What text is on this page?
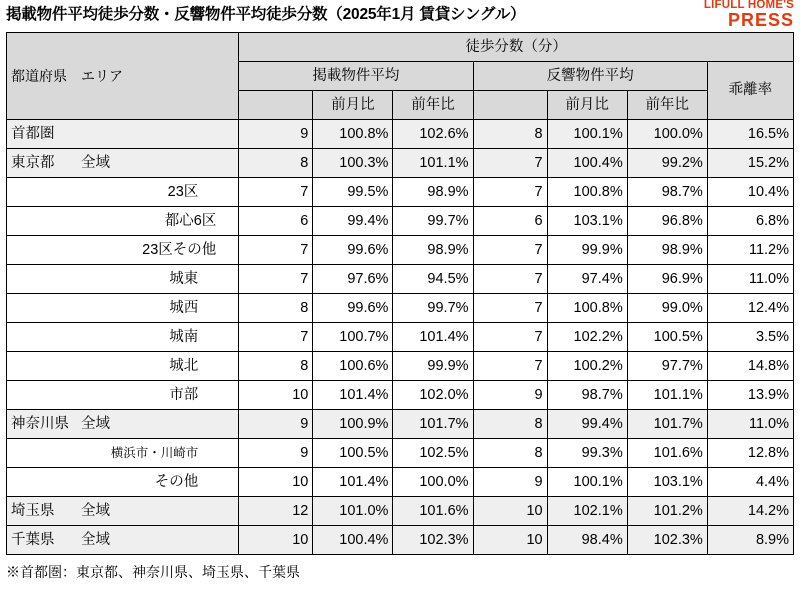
掲載物件平均徒歩分数・反響物件平均徒歩分数（2025年1月 賃貸シングル）
LIFULL HOME'S
PRESS
都道府県　エリア	徒歩分数（分）						
	掲載物件平均			反響物件平均			乖離率
		前月比	前年比		前月比	前年比	
首都圏	9	100.8%	102.6%	8	100.1%	100.0%	16.5%
東京都 全域	8	100.3%	101.1%	7	100.4%	99.2%	15.2%
23区	7	99.5%	98.9%	7	100.8%	98.7%	10.4%
都心6区	6	99.4%	99.7%	6	103.1%	96.8%	6.8%
23区その他	7	99.6%	98.9%	7	99.9%	98.9%	11.2%
城東	7	97.6%	94.5%	7	97.4%	96.9%	11.0%
城西	8	99.6%	99.7%	7	100.8%	99.0%	12.4%
城南	7	100.7%	101.4%	7	102.2%	100.5%	3.5%
城北	8	100.6%	99.9%	7	100.2%	97.7%	14.8%
市部	10	101.4%	102.0%	9	98.7%	101.1%	13.9%
神奈川県 全域	9	100.9%	101.7%	8	99.4%	101.7%	11.0%
横浜市・川崎市	9	100.5%	102.5%	8	99.3%	101.6%	12.8%
その他	10	101.4%	100.0%	9	100.1%	103.1%	4.4%
埼玉県 全域	12	101.0%	101.6%	10	102.1%	101.2%	14.2%
千葉県 全域	10	100.4%	102.3%	10	98.4%	102.3%	8.9%
※首都圏：東京都、神奈川県、埼玉県、千葉県
